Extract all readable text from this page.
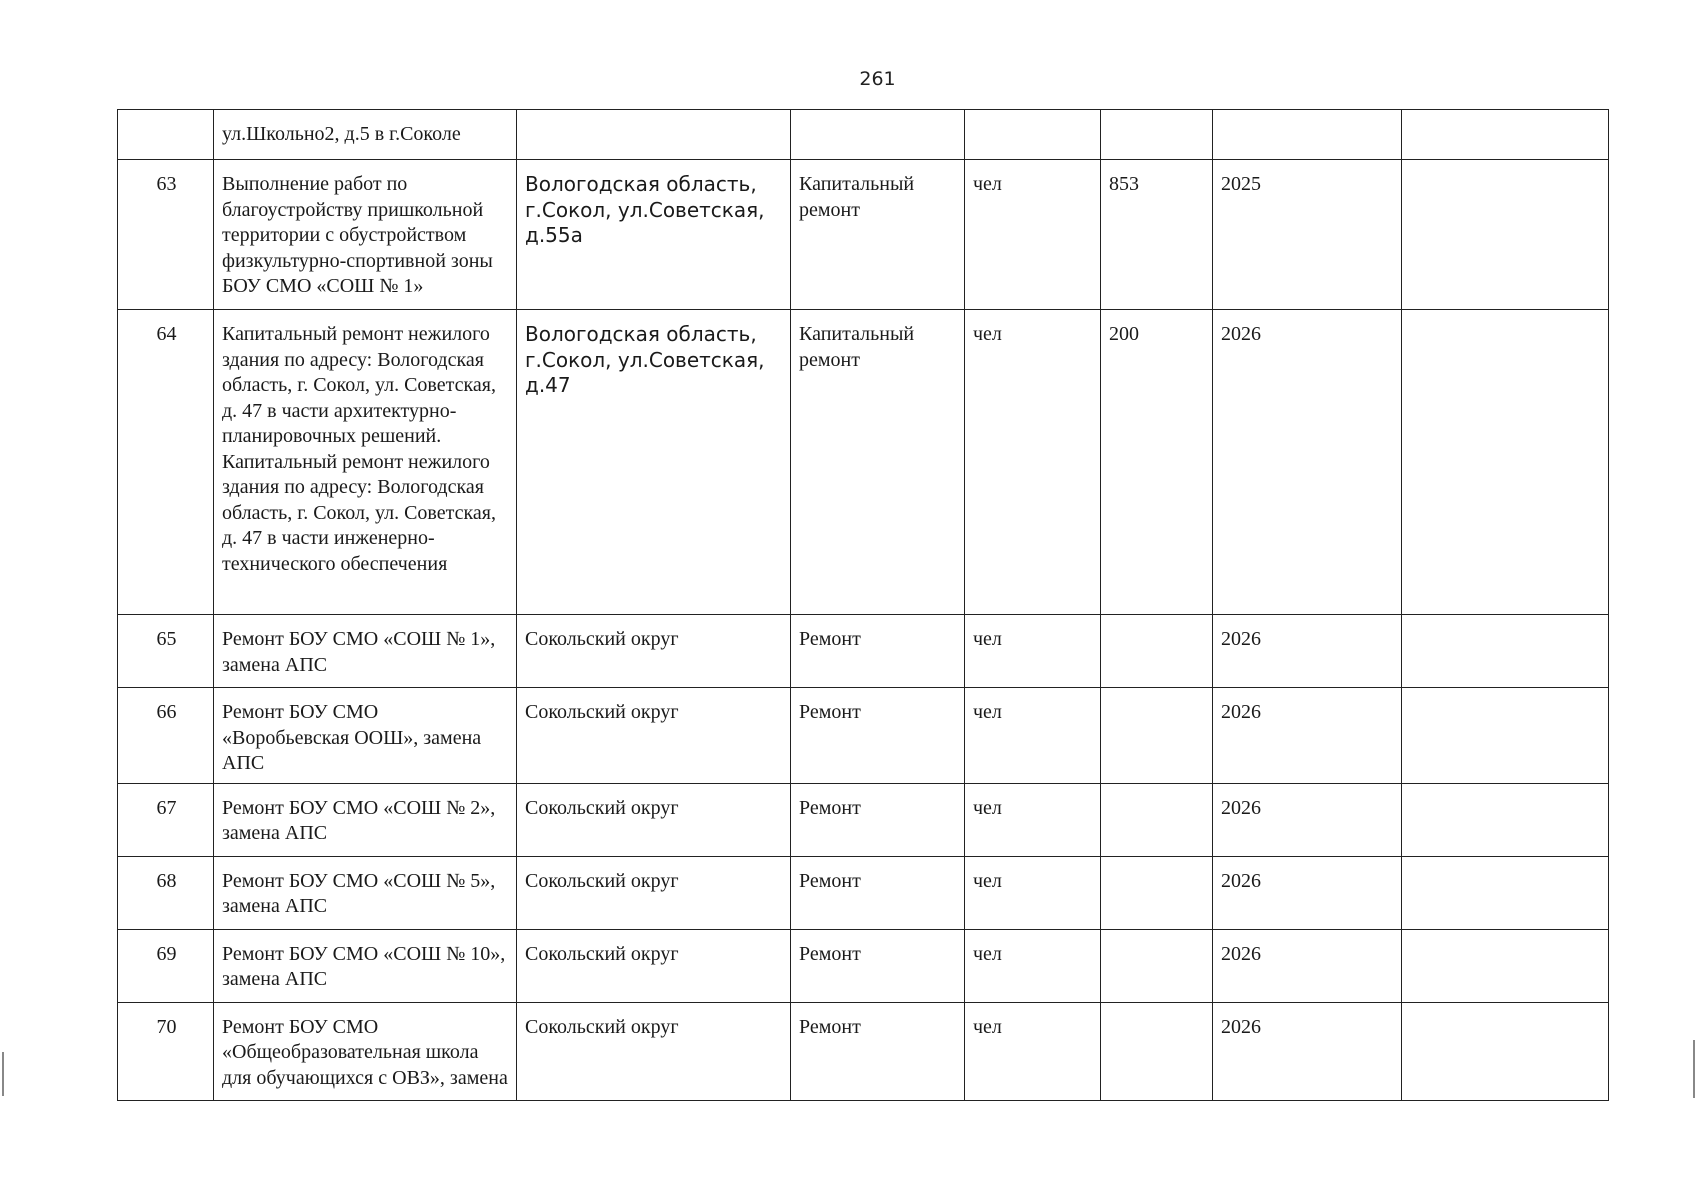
261
	ул.Школьно2, д.5 в г.Соколе						
63	Выполнение работ по благоустройству пришкольной территории с обустройством физкультурно-спортивной зоны БОУ СМО «СОШ № 1»	Вологодская область, г.Сокол, ул.Советская, д.55а	Капитальный ремонт	чел	853	2025	
64	Капитальный ремонт нежилого здания по адресу: Вологодская область, г. Сокол, ул. Советская, д. 47 в части архитектурно-планировочных решений. Капитальный ремонт нежилого здания по адресу: Вологодская область, г. Сокол, ул. Советская, д. 47 в части инженерно-технического обеспечения	Вологодская область, г.Сокол, ул.Советская, д.47	Капитальный ремонт	чел	200	2026	
65	Ремонт БОУ СМО «СОШ № 1», замена АПС	Сокольский округ	Ремонт	чел		2026	
66	Ремонт БОУ СМО «Воробьевская ООШ», замена АПС	Сокольский округ	Ремонт	чел		2026	
67	Ремонт БОУ СМО «СОШ № 2», замена АПС	Сокольский округ	Ремонт	чел		2026	
68	Ремонт БОУ СМО «СОШ № 5», замена АПС	Сокольский округ	Ремонт	чел		2026	
69	Ремонт БОУ СМО «СОШ № 10», замена АПС	Сокольский округ	Ремонт	чел		2026	
70	Ремонт БОУ СМО «Общеобразовательная школа для обучающихся с ОВЗ», замена	Сокольский округ	Ремонт	чел		2026	
